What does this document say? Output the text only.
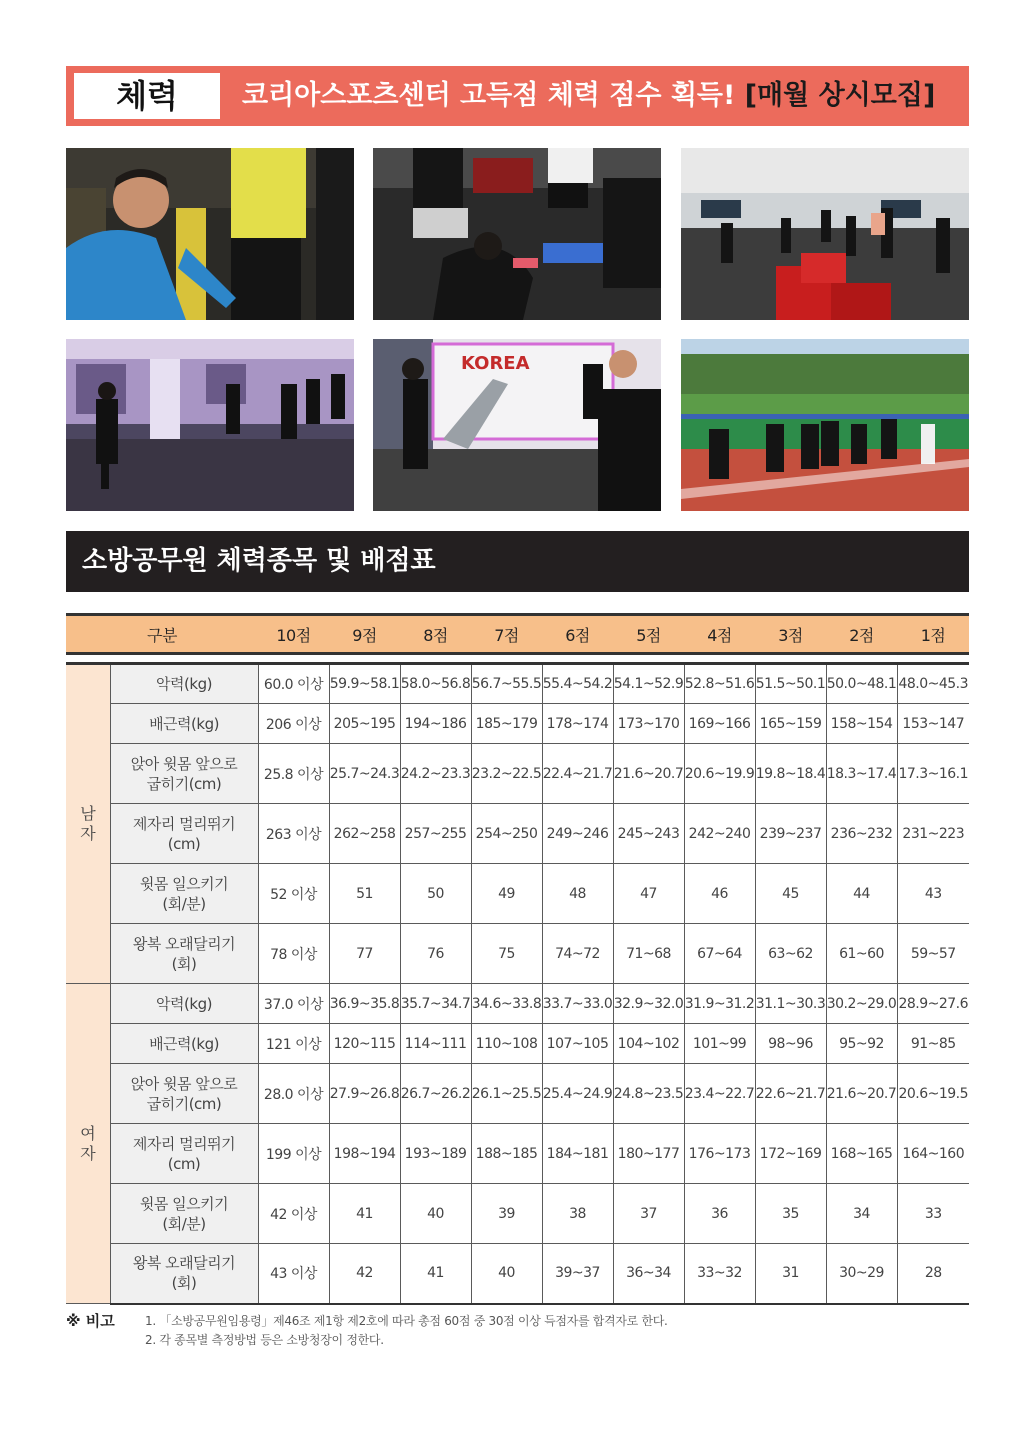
체력	코리아스포츠센터 고득점 체력 점수 획득! [매월 상시모집]
KOREA
소방공무원 체력종목 및 배점표
구분		10점	9점	8점	7점	6점	5점	4점	3점	2점	1점

남
자	악력(kg)	60.0 이상	59.9~58.1	58.0~56.8	56.7~55.5	55.4~54.2	54.1~52.9	52.8~51.6	51.5~50.1	50.0~48.1	48.0~45.3
	배근력(kg)	206 이상	205~195	194~186	185~179	178~174	173~170	169~166	165~159	158~154	153~147
	앉아 윗몸 앞으로
굽히기(cm)	25.8 이상	25.7~24.3	24.2~23.3	23.2~22.5	22.4~21.7	21.6~20.7	20.6~19.9	19.8~18.4	18.3~17.4	17.3~16.1
	제자리 멀리뛰기
(cm)	263 이상	262~258	257~255	254~250	249~246	245~243	242~240	239~237	236~232	231~223
	윗몸 일으키기
(회/분)	52 이상	51	50	49	48	47	46	45	44	43
	왕복 오래달리기
(회)	78 이상	77	76	75	74~72	71~68	67~64	63~62	61~60	59~57
여
자	악력(kg)	37.0 이상	36.9~35.8	35.7~34.7	34.6~33.8	33.7~33.0	32.9~32.0	31.9~31.2	31.1~30.3	30.2~29.0	28.9~27.6
	배근력(kg)	121 이상	120~115	114~111	110~108	107~105	104~102	101~99	98~96	95~92	91~85
	앉아 윗몸 앞으로
굽히기(cm)	28.0 이상	27.9~26.8	26.7~26.2	26.1~25.5	25.4~24.9	24.8~23.5	23.4~22.7	22.6~21.7	21.6~20.7	20.6~19.5
	제자리 멀리뛰기
(cm)	199 이상	198~194	193~189	188~185	184~181	180~177	176~173	172~169	168~165	164~160
	윗몸 일으키기
(회/분)	42 이상	41	40	39	38	37	36	35	34	33
	왕복 오래달리기
(회)	43 이상	42	41	40	39~37	36~34	33~32	31	30~29	28
※ 비고	1. 「소방공무원임용령」제46조 제1항 제2호에 따라 총점 60점 중 30점 이상 득점자를 합격자로 한다.
2. 각 종목별 측정방법 등은 소방청장이 정한다.
